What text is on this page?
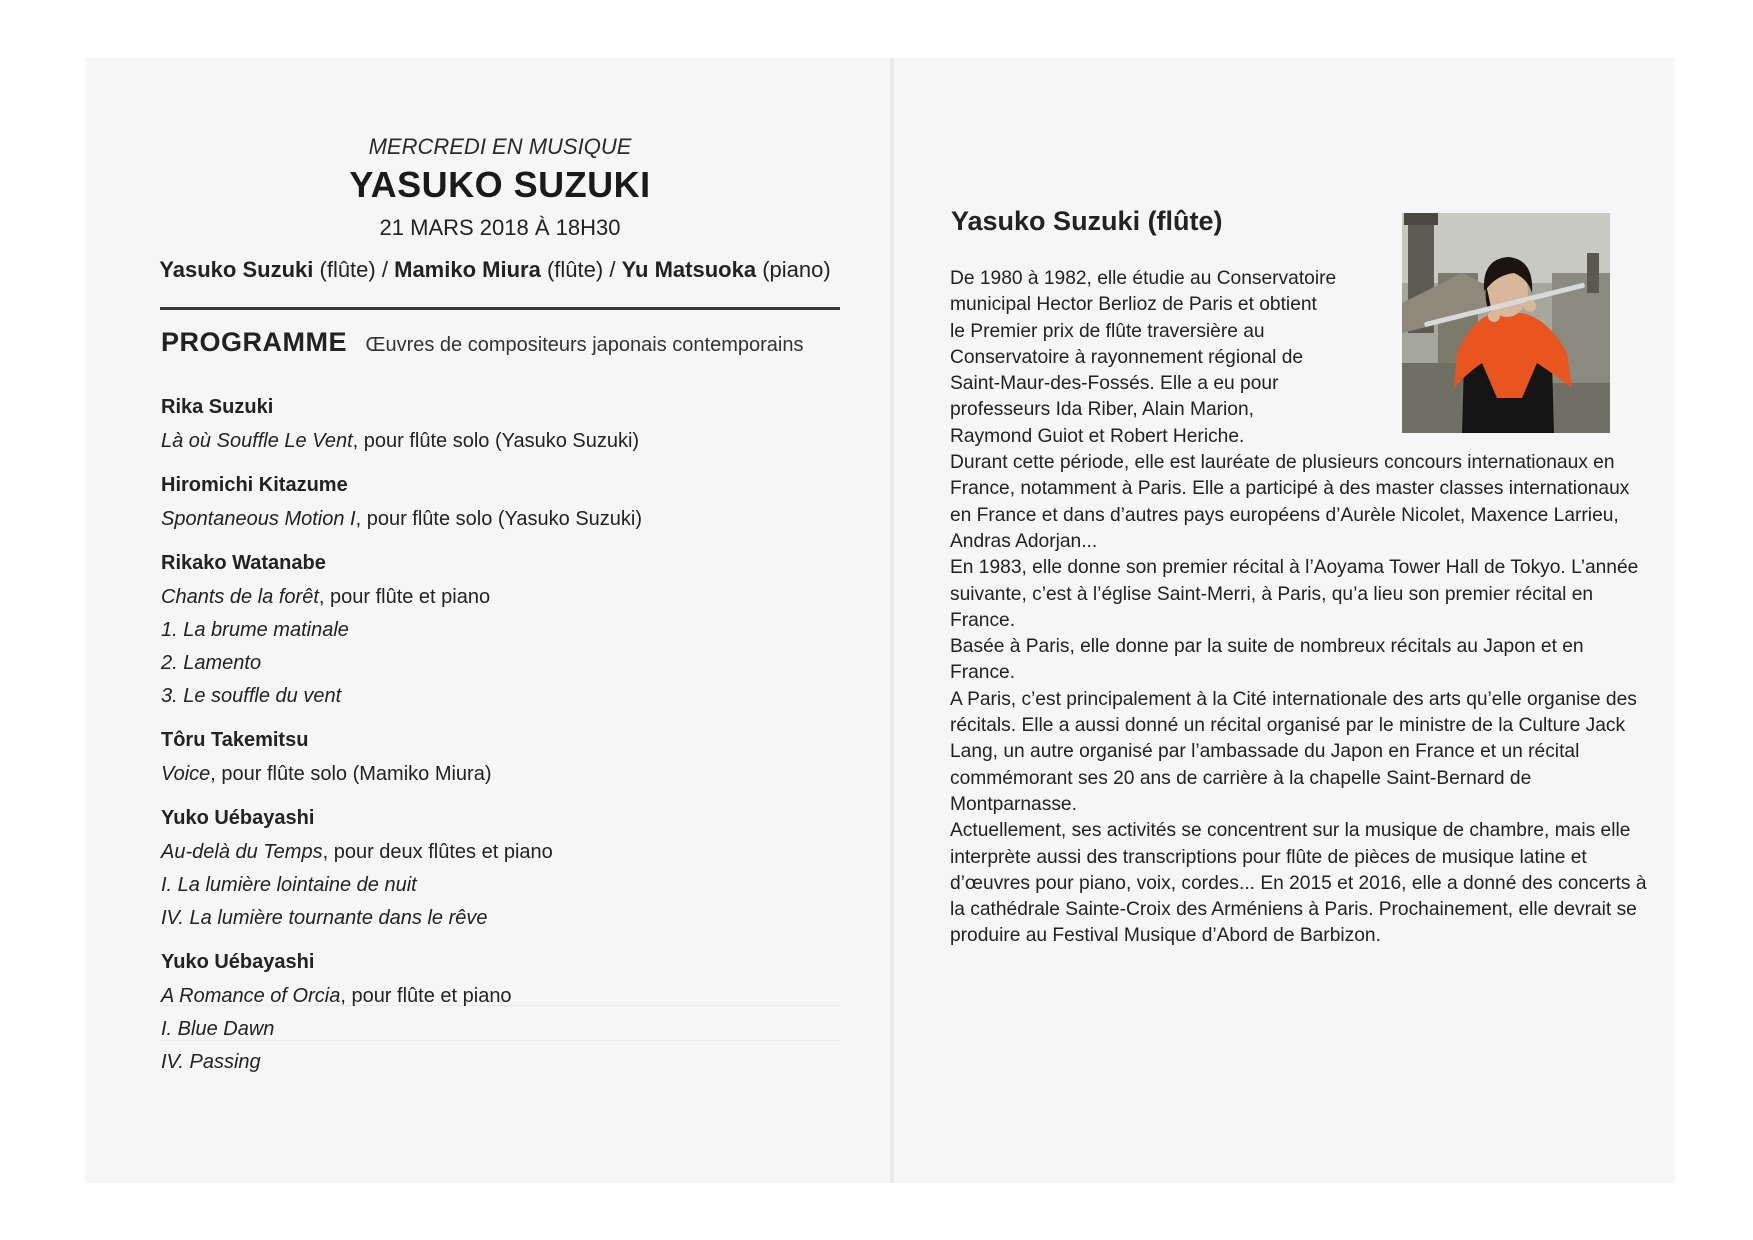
MERCREDI EN MUSIQUE
YASUKO SUZUKI
21 MARS 2018 À 18H30
Yasuko Suzuki (flûte) / Mamiko Miura (flûte) / Yu Matsuoka (piano)
PROGRAMME Œuvres de compositeurs japonais contemporains
Rika Suzuki
Là où Souffle Le Vent, pour flûte solo (Yasuko Suzuki)
Hiromichi Kitazume
Spontaneous Motion I, pour flûte solo (Yasuko Suzuki)
Rikako Watanabe
Chants de la forêt, pour flûte et piano
1. La brume matinale
2. Lamento
3. Le souffle du vent
Tôru Takemitsu
Voice, pour flûte solo (Mamiko Miura)
Yuko Uébayashi
Au-delà du Temps, pour deux flûtes et piano
I. La lumière lointaine de nuit
IV. La lumière tournante dans le rêve
Yuko Uébayashi
A Romance of Orcia, pour flûte et piano
I. Blue Dawn
IV. Passing
Yasuko Suzuki (flûte)
De 1980 à 1982, elle étudie au Conservatoire
municipal Hector Berlioz de Paris et obtient
le Premier prix de flûte traversière au
Conservatoire à rayonnement régional de
Saint-Maur-des-Fossés. Elle a eu pour
professeurs Ida Riber, Alain Marion,
Raymond Guiot et Robert Heriche.

Durant cette période, elle est lauréate de plusieurs concours internationaux en France, notamment à Paris. Elle a participé à des master classes internationaux en France et dans d’autres pays européens d’Aurèle Nicolet, Maxence Larrieu, Andras Adorjan...

En 1983, elle donne son premier récital à l’Aoyama Tower Hall de Tokyo. L’année suivante, c’est à l’église Saint-Merri, à Paris, qu’a lieu son premier récital en France.

Basée à Paris, elle donne par la suite de nombreux récitals au Japon et en France.

A Paris, c’est principalement à la Cité internationale des arts qu’elle organise des récitals. Elle a aussi donné un récital organisé par le ministre de la Culture Jack Lang, un autre organisé par l’ambassade du Japon en France et un récital commémorant ses 20 ans de carrière à la chapelle Saint-Bernard de Montparnasse.

Actuellement, ses activités se concentrent sur la musique de chambre, mais elle interprète aussi des transcriptions pour flûte de pièces de musique latine et d’œuvres pour piano, voix, cordes... En 2015 et 2016, elle a donné des concerts à la cathédrale Sainte-Croix des Arméniens à Paris. Prochainement, elle devrait se produire au Festival Musique d’Abord de Barbizon.
